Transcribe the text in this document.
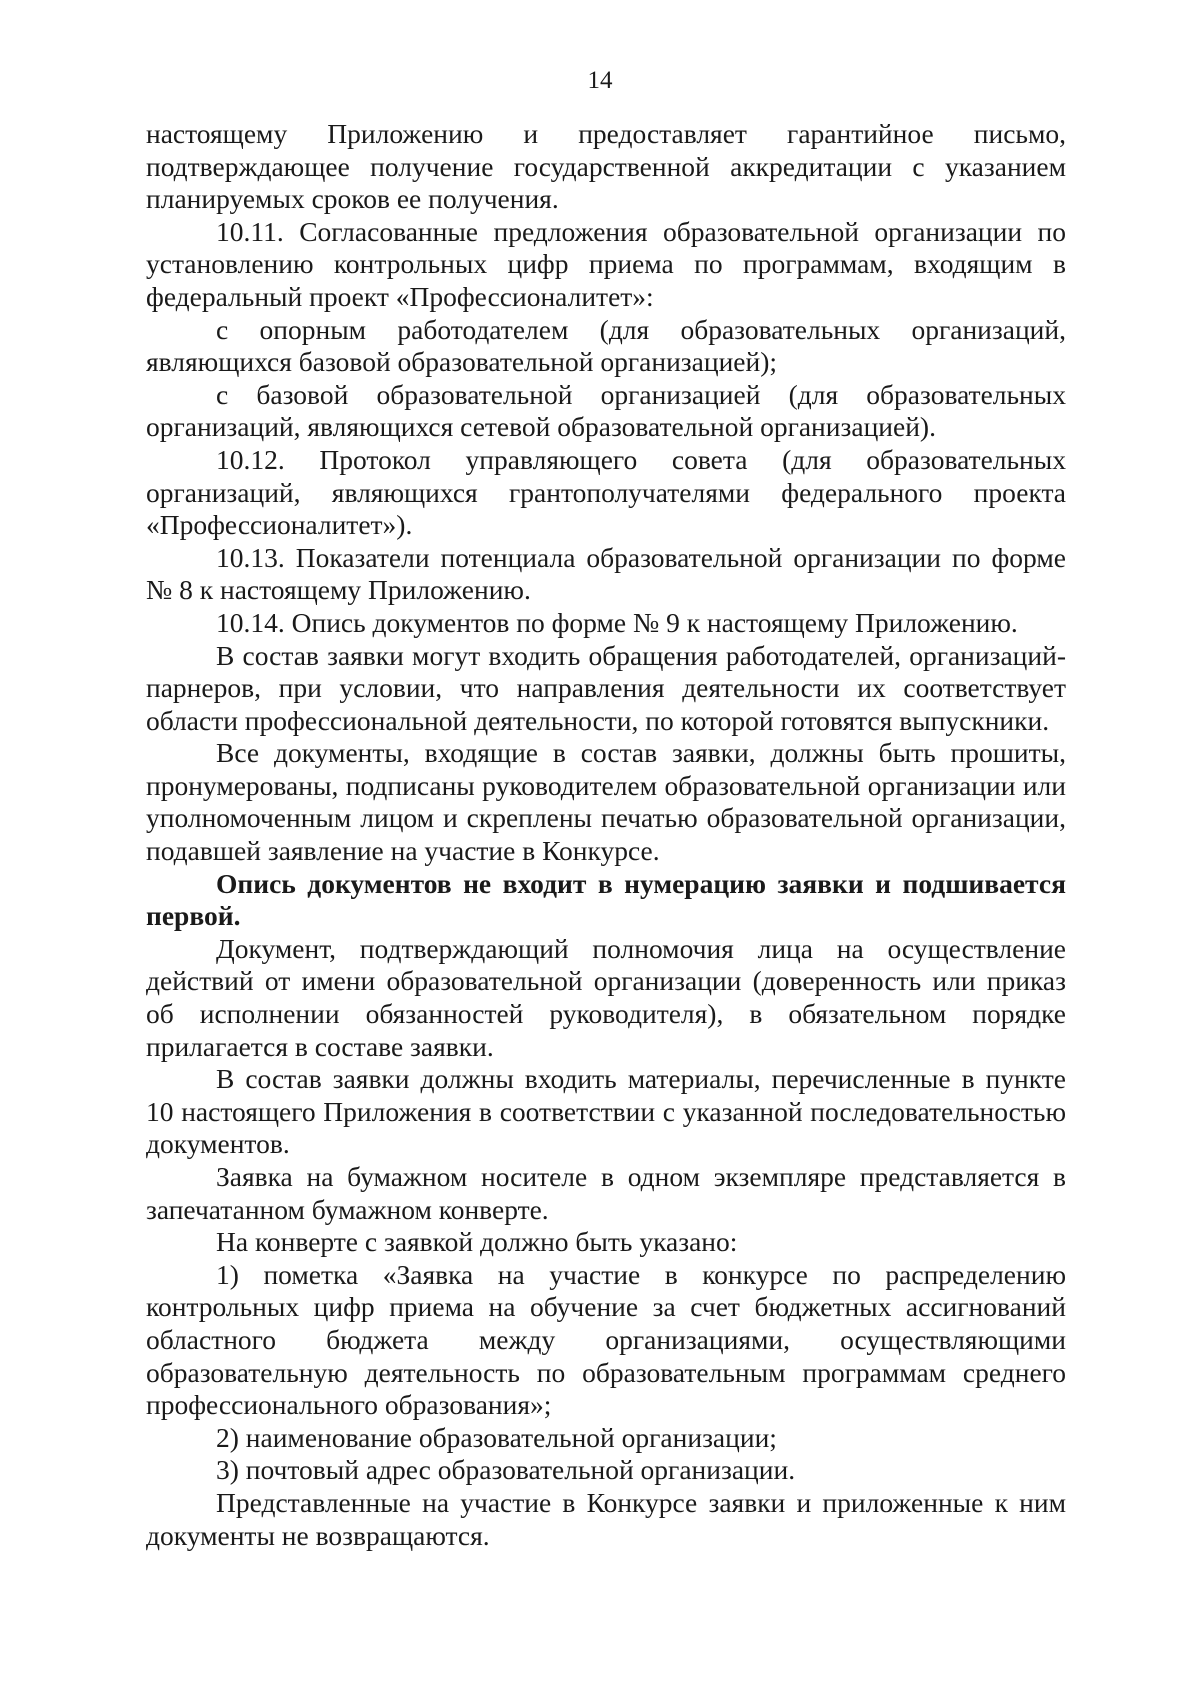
14

настоящему Приложению и предоставляет гарантийное письмо, подтверждающее получение государственной аккредитации с указанием планируемых сроков ее получения.

10.11. Согласованные предложения образовательной организации по установлению контрольных цифр приема по программам, входящим в федеральный проект «Профессионалитет»:

с опорным работодателем (для образовательных организаций, являющихся базовой образовательной организацией);

с базовой образовательной организацией (для образовательных организаций, являющихся сетевой образовательной организацией).

10.12. Протокол управляющего совета (для образовательных организаций, являющихся грантополучателями федерального проекта «Профессионалитет»).

10.13. Показатели потенциала образовательной организации по форме № 8 к настоящему Приложению.

10.14. Опись документов по форме № 9 к настоящему Приложению.

В состав заявки могут входить обращения работодателей, организаций-парнеров, при условии, что направления деятельности их соответствует области профессиональной деятельности, по которой готовятся выпускники.

Все документы, входящие в состав заявки, должны быть прошиты, пронумерованы, подписаны руководителем образовательной организации или уполномоченным лицом и скреплены печатью образовательной организации, подавшей заявление на участие в Конкурсе.

Опись документов не входит в нумерацию заявки и подшивается первой.

Документ, подтверждающий полномочия лица на осуществление действий от имени образовательной организации (доверенность или приказ об исполнении обязанностей руководителя), в обязательном порядке прилагается в составе заявки.

В состав заявки должны входить материалы, перечисленные в пункте 10 настоящего Приложения в соответствии с указанной последовательностью документов.

Заявка на бумажном носителе в одном экземпляре представляется в запечатанном бумажном конверте.

На конверте с заявкой должно быть указано:

1) пометка «Заявка на участие в конкурсе по распределению контрольных цифр приема на обучение за счет бюджетных ассигнований областного бюджета между организациями, осуществляющими образовательную деятельность по образовательным программам среднего профессионального образования»;

2) наименование образовательной организации;

3) почтовый адрес образовательной организации.

Представленные на участие в Конкурсе заявки и приложенные к ним документы не возвращаются.
